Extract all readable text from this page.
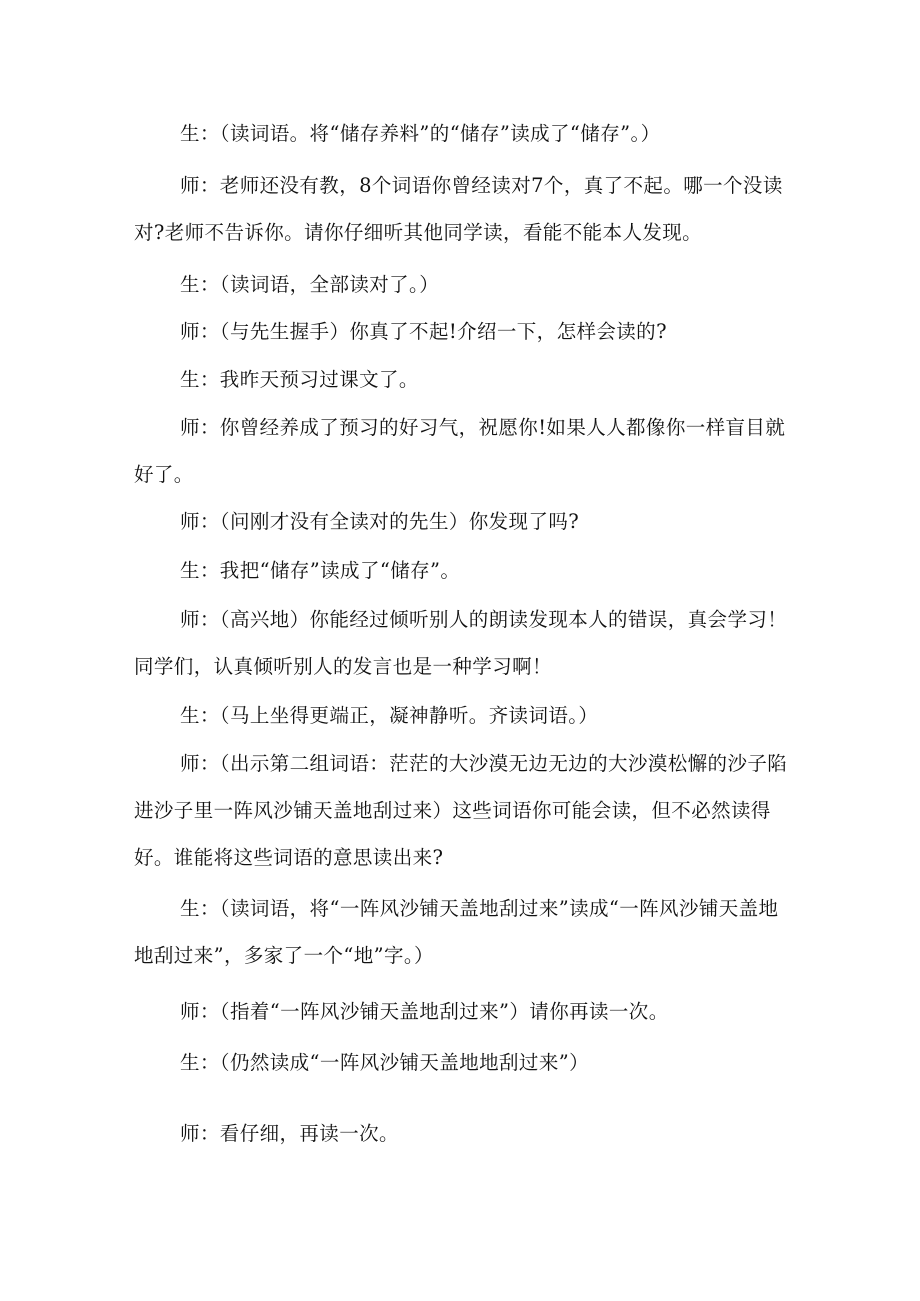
生：（读词语。将“储存养料”的“储存”读成了“储存”。）

师：老师还没有教，8个词语你曾经读对7个，真了不起。哪一个没读对?老师不告诉你。请你仔细听其他同学读，看能不能本人发现。

生：（读词语，全部读对了。）

师：（与先生握手）你真了不起!介绍一下，怎样会读的?

生：我昨天预习过课文了。

师：你曾经养成了预习的好习气，祝愿你!如果人人都像你一样盲目就好了。

师：（问刚才没有全读对的先生）你发现了吗?

生：我把“储存”读成了“储存”。

师：（高兴地）你能经过倾听别人的朗读发现本人的错误，真会学习！同学们，认真倾听别人的发言也是一种学习啊！

生：（马上坐得更端正，凝神静听。齐读词语。）

师：（出示第二组词语：茫茫的大沙漠无边无边的大沙漠松懈的沙子陷进沙子里一阵风沙铺天盖地刮过来）这些词语你可能会读，但不必然读得好。谁能将这些词语的意思读出来?

生：（读词语，将“一阵风沙铺天盖地刮过来”读成“一阵风沙铺天盖地地刮过来”，多家了一个“地”字。）

师：（指着“一阵风沙铺天盖地刮过来”）请你再读一次。

生：（仍然读成“一阵风沙铺天盖地地刮过来”）

师：看仔细，再读一次。
